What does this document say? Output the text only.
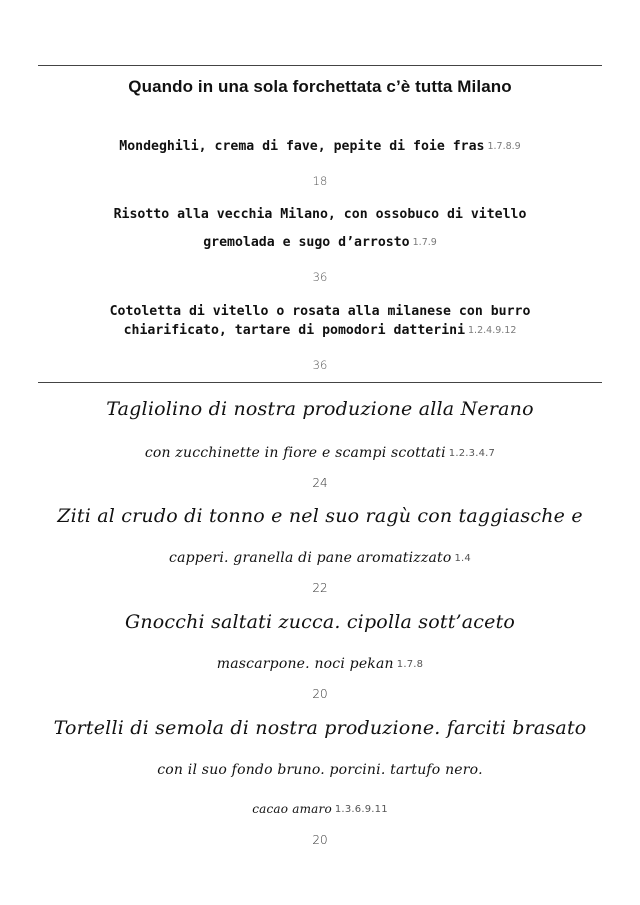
Quando in una sola forchettata c’è tutta Milano
Mondeghili, crema di fave, pepite di foie fras 1.7.8.9
18
Risotto alla vecchia Milano, con ossobuco di vitello
gremolada e sugo d’arrosto 1.7.9
36
Cotoletta di vitello o rosata alla milanese con burro
chiarificato, tartare di pomodori datterini 1.2.4.9.12
36
Tagliolino di nostra produzione alla Nerano
con zucchinette in fiore e scampi scottati 1.2.3.4.7
24
Ziti al crudo di tonno e nel suo ragù con taggiasche e
capperi. granella di pane aromatizzato 1.4
22
Gnocchi saltati zucca. cipolla sott’aceto
mascarpone. noci pekan 1.7.8
20
Tortelli di semola di nostra produzione. farciti brasato
con il suo fondo bruno. porcini. tartufo nero.
cacao amaro 1.3.6.9.11
20
